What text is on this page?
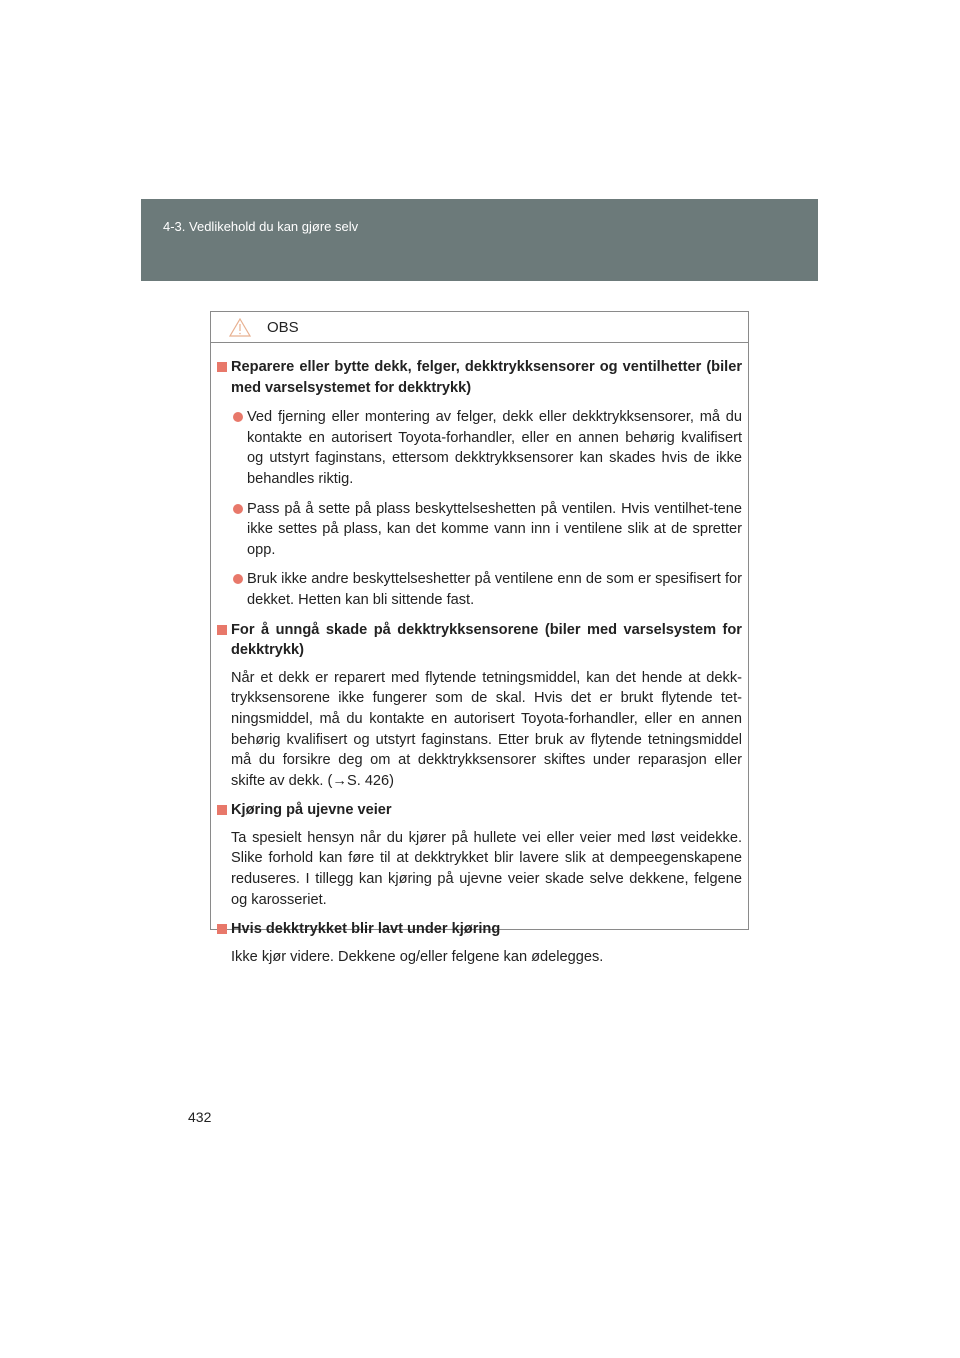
4-3. Vedlikehold du kan gjøre selv
OBS
Reparere eller bytte dekk, felger, dekktrykksensorer og ventilhetter (biler med varselsystemet for dekktrykk)
Ved fjerning eller montering av felger, dekk eller dekktrykksensorer, må du kontakte en autorisert Toyota-forhandler, eller en annen behørig kvalifisert og utstyrt faginstans, ettersom dekktrykksensorer kan skades hvis de ikke behandles riktig.
Pass på å sette på plass beskyttelseshetten på ventilen. Hvis ventilhet-tene ikke settes på plass, kan det komme vann inn i ventilene slik at de spretter opp.
Bruk ikke andre beskyttelseshetter på ventilene enn de som er spesifisert for dekket. Hetten kan bli sittende fast.
For å unngå skade på dekktrykksensorene (biler med varselsystem for dekktrykk)
Når et dekk er reparert med flytende tetningsmiddel, kan det hende at dekk-trykksensorene ikke fungerer som de skal. Hvis det er brukt flytende tet-ningsmiddel, må du kontakte en autorisert Toyota-forhandler, eller en annen behørig kvalifisert og utstyrt faginstans. Etter bruk av flytende tetningsmiddel må du forsikre deg om at dekktrykksensorer skiftes under reparasjon eller skifte av dekk. (→S. 426)
Kjøring på ujevne veier
Ta spesielt hensyn når du kjører på hullete vei eller veier med løst veidekke. Slike forhold kan føre til at dekktrykket blir lavere slik at dempeegenskapene reduseres. I tillegg kan kjøring på ujevne veier skade selve dekkene, felgene og karosseriet.
Hvis dekktrykket blir lavt under kjøring
Ikke kjør videre. Dekkene og/eller felgene kan ødelegges.
432
